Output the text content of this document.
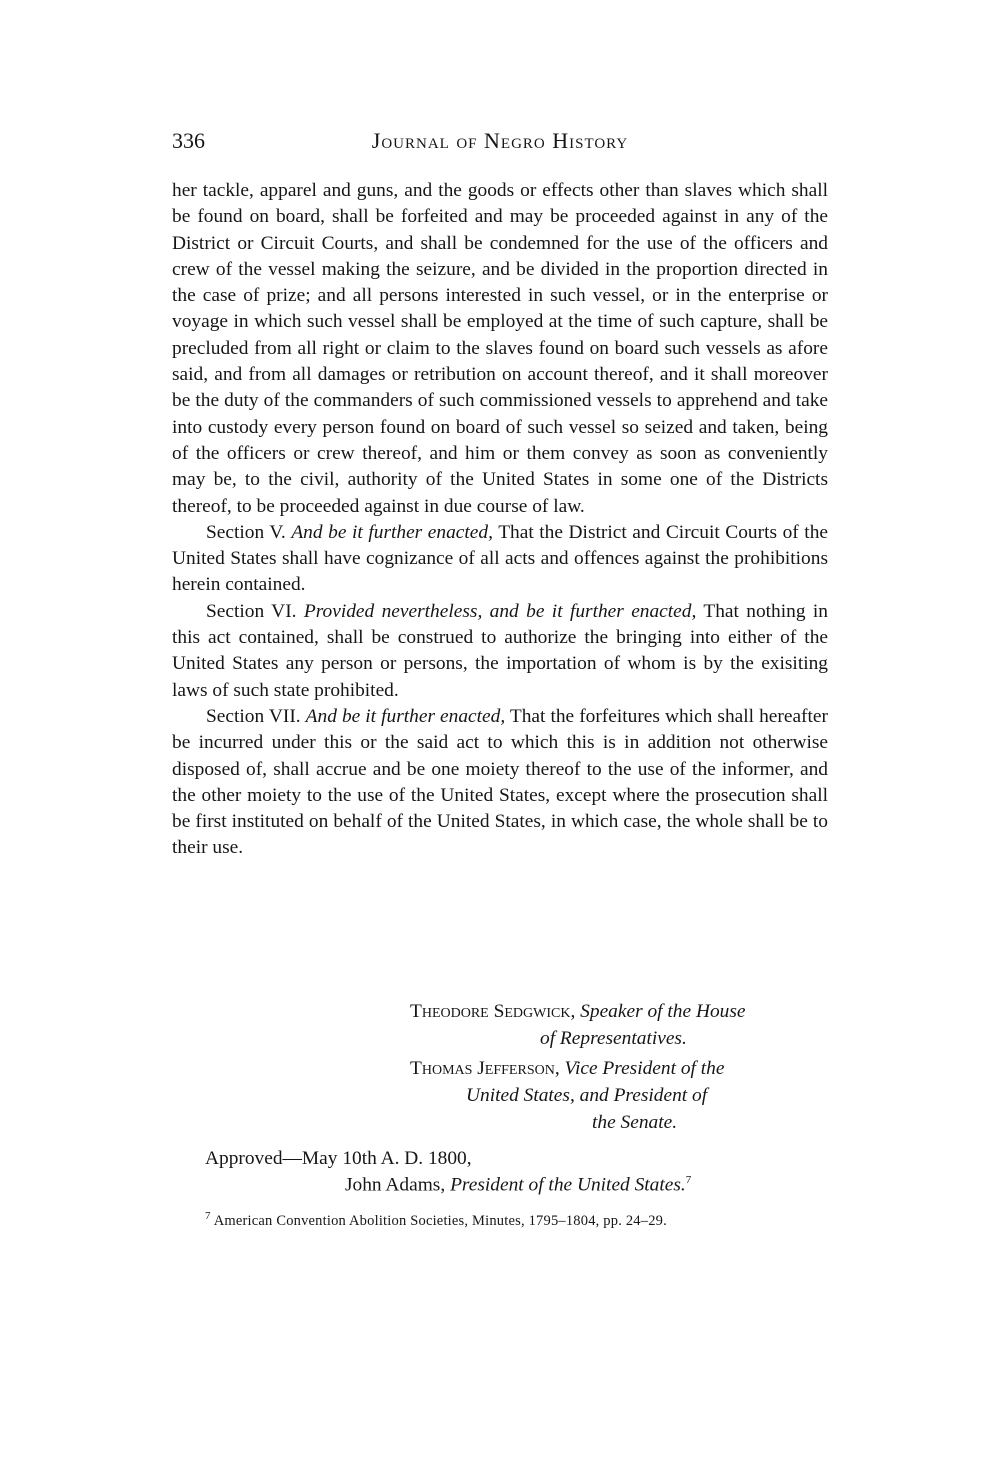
336	Journal of Negro History

her tackle, apparel and guns, and the goods or effects other than slaves which shall be found on board, shall be forfeited and may be proceeded against in any of the District or Circuit Courts, and shall be condemned for the use of the officers and crew of the vessel making the seizure, and be divided in the proportion directed in the case of prize; and all persons interested in such vessel, or in the enterprise or voyage in which such vessel shall be employed at the time of such capture, shall be precluded from all right or claim to the slaves found on board such vessels as afore said, and from all damages or retribution on account thereof, and it shall moreover be the duty of the commanders of such commissioned vessels to apprehend and take into custody every person found on board of such vessel so seized and taken, being of the officers or crew thereof, and him or them convey as soon as conveniently may be, to the civil, authority of the United States in some one of the Districts thereof, to be proceeded against in due course of law.

Section V. And be it further enacted, That the District and Circuit Courts of the United States shall have cognizance of all acts and offences against the prohibitions herein contained.

Section VI. Provided nevertheless, and be it further enacted, That nothing in this act contained, shall be construed to authorize the bringing into either of the United States any person or persons, the importation of whom is by the exisiting laws of such state prohibited.

Section VII. And be it further enacted, That the forfeitures which shall hereafter be incurred under this or the said act to which this is in addition not otherwise disposed of, shall accrue and be one moiety thereof to the use of the informer, and the other moiety to the use of the United States, except where the prosecution shall be first instituted on behalf of the United States, in which case, the whole shall be to their use.

Theodore Sedgwick, Speaker of the House
of Representatives.
Thomas Jefferson, Vice President of the
United States, and President of
the Senate.
Approved—May 10th A. D. 1800,
John Adams, President of the United States.$^7$
$^7$ American Convention Abolition Societies, Minutes, 1795–1804, pp. 24–29.
